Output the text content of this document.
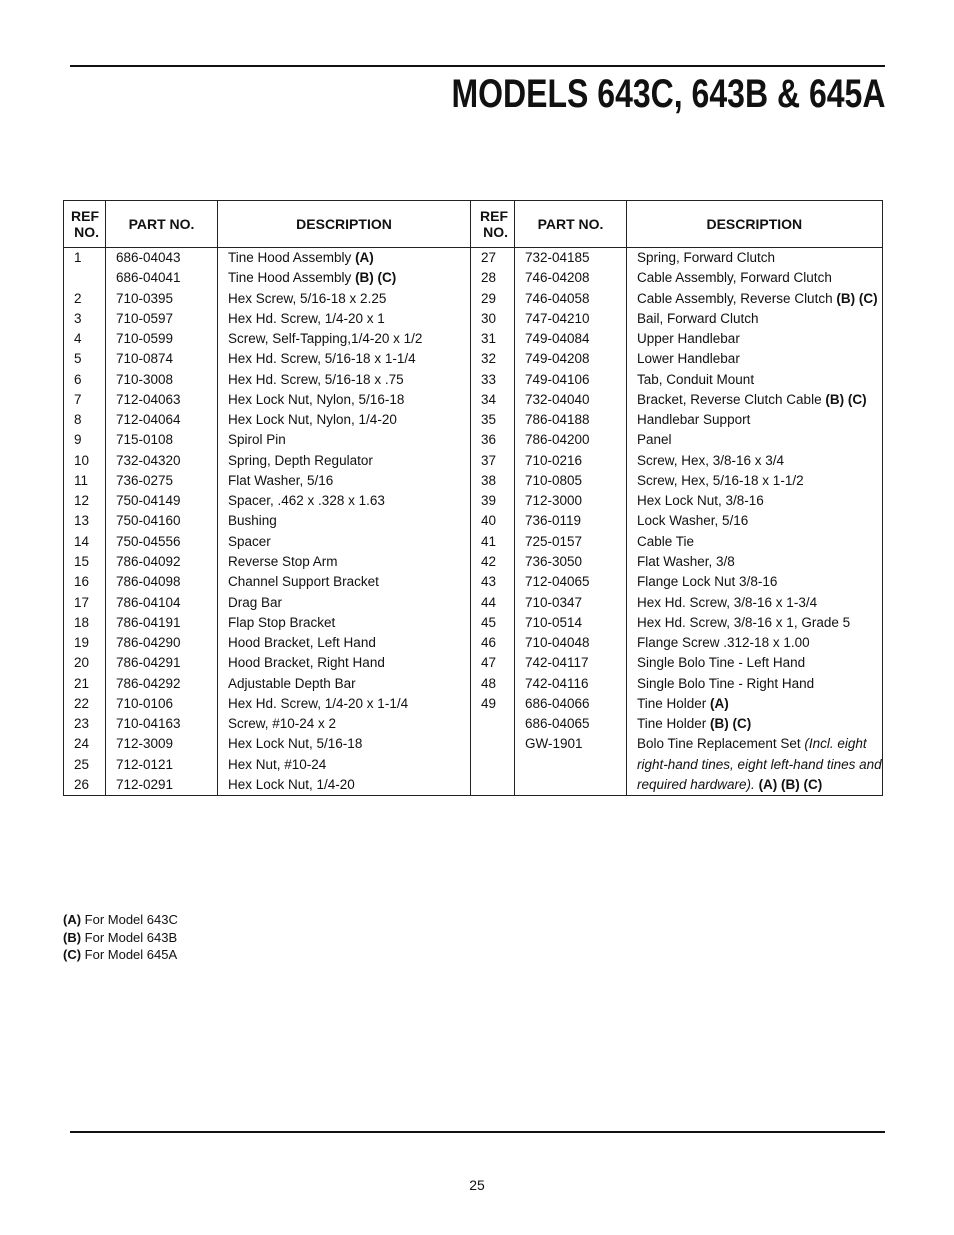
MODELS 643C, 643B & 645A
REF
NO.	PART NO.	DESCRIPTION
1	686-04043	Tine Hood Assembly (A)
	686-04041	Tine Hood Assembly (B) (C)
2	710-0395	Hex Screw, 5/16-18 x 2.25
3	710-0597	Hex Hd. Screw, 1/4-20 x 1
4	710-0599	Screw, Self-Tapping,1/4-20 x 1/2
5	710-0874	Hex Hd. Screw, 5/16-18 x 1-1/4
6	710-3008	Hex Hd. Screw, 5/16-18 x .75
7	712-04063	Hex Lock Nut, Nylon, 5/16-18
8	712-04064	Hex Lock Nut, Nylon, 1/4-20
9	715-0108	Spirol Pin
10	732-04320	Spring, Depth Regulator
11	736-0275	Flat Washer, 5/16
12	750-04149	Spacer, .462 x .328 x 1.63
13	750-04160	Bushing
14	750-04556	Spacer
15	786-04092	Reverse Stop Arm
16	786-04098	Channel Support Bracket
17	786-04104	Drag Bar
18	786-04191	Flap Stop Bracket
19	786-04290	Hood Bracket, Left Hand
20	786-04291	Hood Bracket, Right Hand
21	786-04292	Adjustable Depth Bar
22	710-0106	Hex Hd. Screw, 1/4-20 x 1-1/4
23	710-04163	Screw, #10-24 x 2
24	712-3009	Hex Lock Nut, 5/16-18
25	712-0121	Hex Nut, #10-24
26	712-0291	Hex Lock Nut, 1/4-20
REF
NO.	PART NO.	DESCRIPTION
27	732-04185	Spring, Forward Clutch
28	746-04208	Cable Assembly, Forward Clutch
29	746-04058	Cable Assembly, Reverse Clutch (B) (C)
30	747-04210	Bail, Forward Clutch
31	749-04084	Upper Handlebar
32	749-04208	Lower Handlebar
33	749-04106	Tab, Conduit Mount
34	732-04040	Bracket, Reverse Clutch Cable (B) (C)
35	786-04188	Handlebar Support
36	786-04200	Panel
37	710-0216	Screw, Hex, 3/8-16 x 3/4
38	710-0805	Screw, Hex, 5/16-18 x 1-1/2
39	712-3000	Hex Lock Nut, 3/8-16
40	736-0119	Lock Washer, 5/16
41	725-0157	Cable Tie
42	736-3050	Flat Washer, 3/8
43	712-04065	Flange Lock Nut 3/8-16
44	710-0347	Hex Hd. Screw, 3/8-16 x 1-3/4
45	710-0514	Hex Hd. Screw, 3/8-16 x 1, Grade 5
46	710-04048	Flange Screw .312-18 x 1.00
47	742-04117	Single Bolo Tine - Left Hand
48	742-04116	Single Bolo Tine - Right Hand
49	686-04066	Tine Holder (A)
	686-04065	Tine Holder (B) (C)
	GW-1901	Bolo Tine Replacement Set (Incl. eight
		right-hand tines, eight left-hand tines and
		required hardware). (A) (B) (C)
(A) For Model 643C
(B) For Model 643B
(C) For Model 645A
25
